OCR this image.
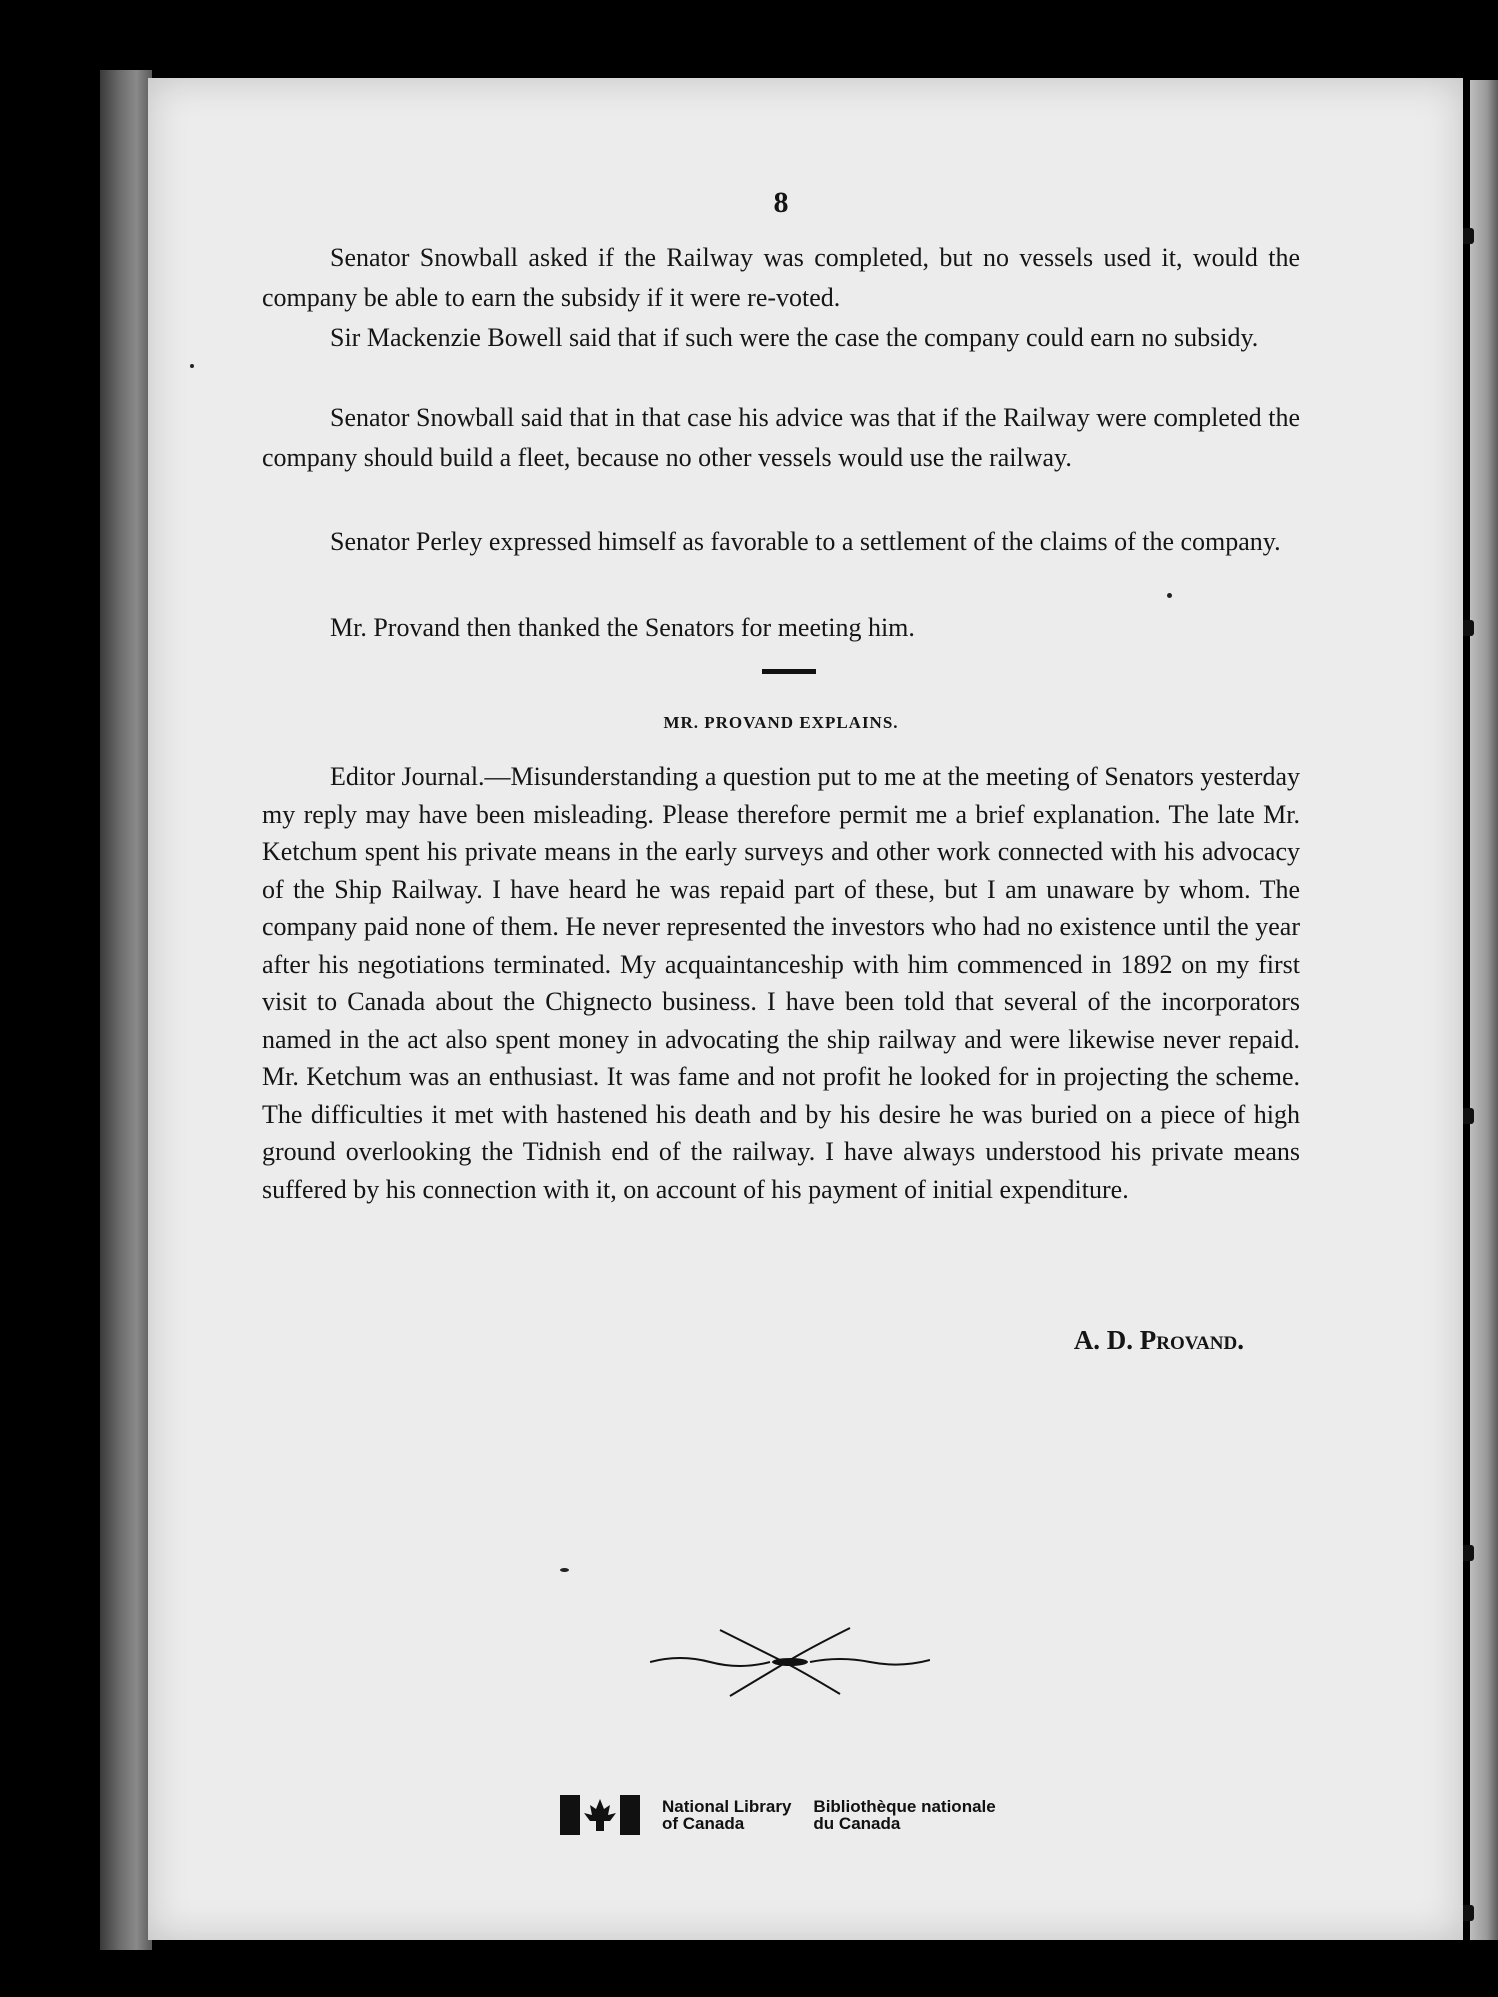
8

Senator Snowball asked if the Railway was completed, but no vessels used it, would the company be able to earn the subsidy if it were re-voted.

Sir Mackenzie Bowell said that if such were the case the company could earn no subsidy.

Senator Snowball said that in that case his advice was that if the Railway were completed the company should build a fleet, because no other vessels would use the railway.

Senator Perley expressed himself as favorable to a settlement of the claims of the company.

Mr. Provand then thanked the Senators for meeting him.

MR. PROVAND EXPLAINS.

Editor Journal.—Misunderstanding a question put to me at the meeting of Senators yesterday my reply may have been misleading. Please therefore permit me a brief explanation. The late Mr. Ketchum spent his private means in the early surveys and other work connected with his advocacy of the Ship Railway. I have heard he was repaid part of these, but I am unaware by whom. The company paid none of them. He never represented the investors who had no existence until the year after his negotiations terminated. My acquaintanceship with him commenced in 1892 on my first visit to Canada about the Chignecto business. I have been told that several of the incorporators named in the act also spent money in advocating the ship railway and were likewise never repaid. Mr. Ketchum was an enthusiast. It was fame and not profit he looked for in projecting the scheme. The difficulties it met with hastened his death and by his desire he was buried on a piece of high ground overlooking the Tidnish end of the railway. I have always understood his private means suffered by his connection with it, on account of his payment of initial expenditure.

A. D. Provand.

National Library
of Canada
Bibliothèque nationale
du Canada
